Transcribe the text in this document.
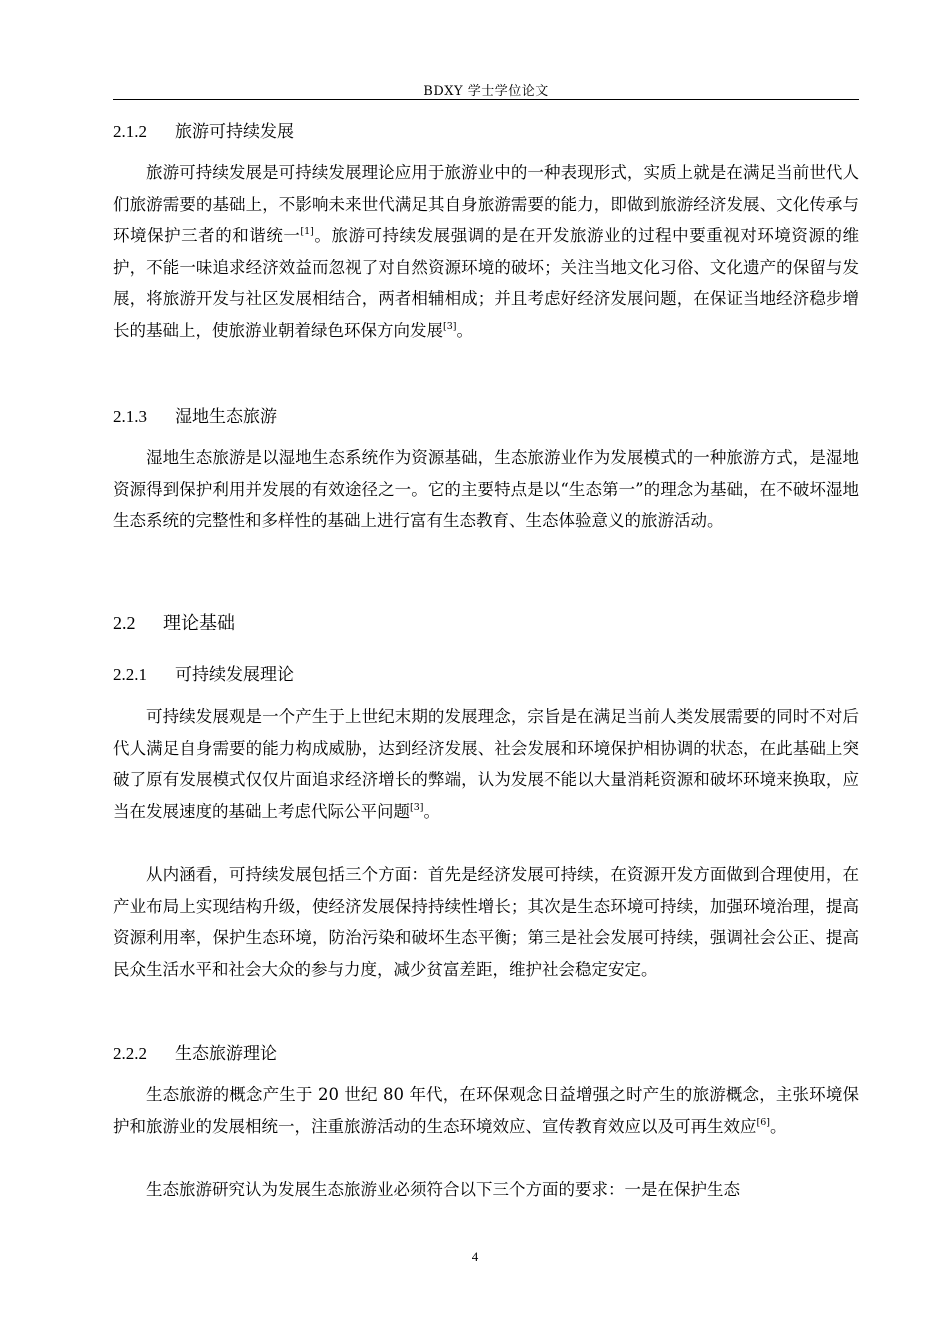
BDXY 学士学位论文
2.1.2 旅游可持续发展
旅游可持续发展是可持续发展理论应用于旅游业中的一种表现形式，实质上就是在满足当前世代人们旅游需要的基础上，不影响未来世代满足其自身旅游需要的能力，即做到旅游经济发展、文化传承与环境保护三者的和谐统一[1]。旅游可持续发展强调的是在开发旅游业的过程中要重视对环境资源的维护，不能一味追求经济效益而忽视了对自然资源环境的破坏；关注当地文化习俗、文化遗产的保留与发展，将旅游开发与社区发展相结合，两者相辅相成；并且考虑好经济发展问题，在保证当地经济稳步增长的基础上，使旅游业朝着绿色环保方向发展[3]。
2.1.3 湿地生态旅游
湿地生态旅游是以湿地生态系统作为资源基础，生态旅游业作为发展模式的一种旅游方式，是湿地资源得到保护利用并发展的有效途径之一。它的主要特点是以“生态第一”的理念为基础，在不破坏湿地生态系统的完整性和多样性的基础上进行富有生态教育、生态体验意义的旅游活动。
2.2 理论基础
2.2.1 可持续发展理论
可持续发展观是一个产生于上世纪末期的发展理念，宗旨是在满足当前人类发展需要的同时不对后代人满足自身需要的能力构成威胁，达到经济发展、社会发展和环境保护相协调的状态，在此基础上突破了原有发展模式仅仅片面追求经济增长的弊端，认为发展不能以大量消耗资源和破坏环境来换取，应当在发展速度的基础上考虑代际公平问题[3]。
从内涵看，可持续发展包括三个方面：首先是经济发展可持续，在资源开发方面做到合理使用，在产业布局上实现结构升级，使经济发展保持持续性增长；其次是生态环境可持续，加强环境治理，提高资源利用率，保护生态环境，防治污染和破坏生态平衡；第三是社会发展可持续，强调社会公正、提高民众生活水平和社会大众的参与力度，减少贫富差距，维护社会稳定安定。
2.2.2 生态旅游理论
生态旅游的概念产生于 20 世纪 80 年代，在环保观念日益增强之时产生的旅游概念，主张环境保护和旅游业的发展相统一，注重旅游活动的生态环境效应、宣传教育效应以及可再生效应[6]。
生态旅游研究认为发展生态旅游业必须符合以下三个方面的要求：一是在保护生态
4
